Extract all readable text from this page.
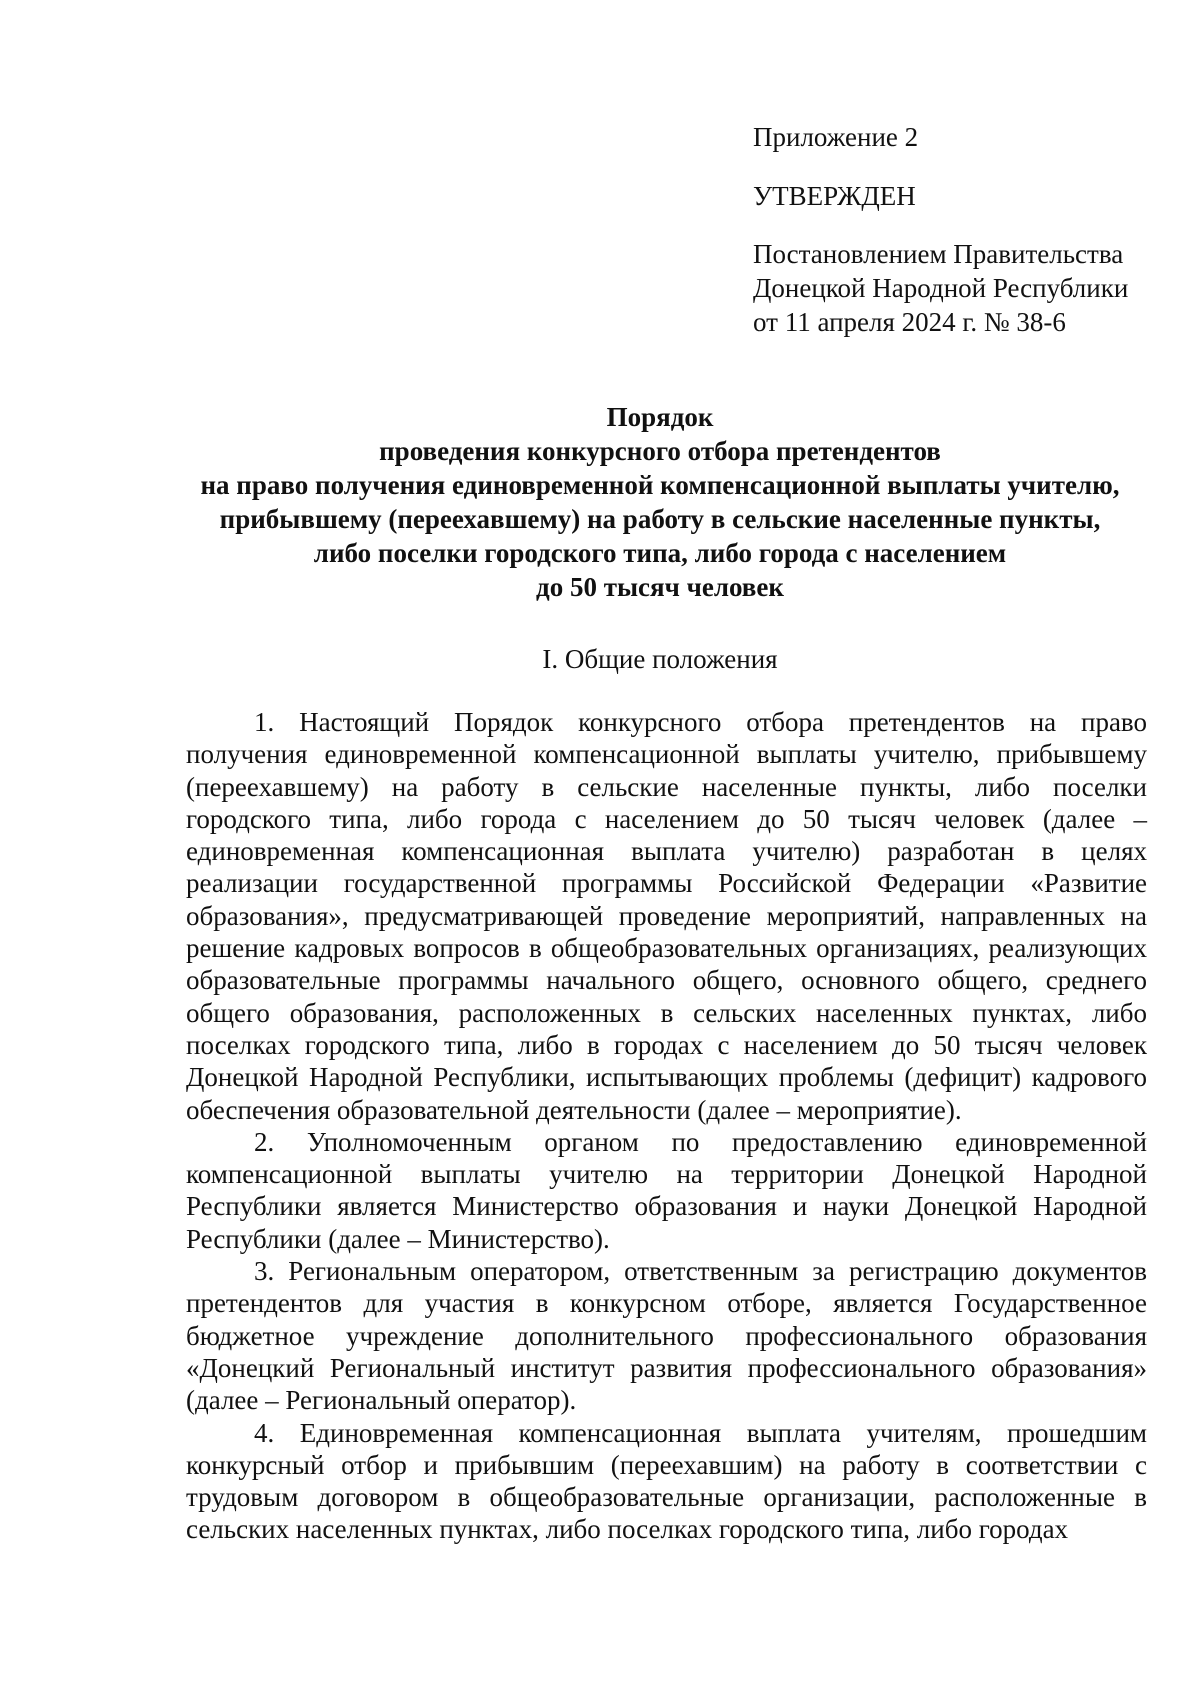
Приложение 2

УТВЕРЖДЕН

Постановлением Правительства

Донецкой Народной Республики

от 11 апреля 2024 г. № 38-6

Порядок
проведения конкурсного отбора претендентов
на право получения единовременной компенсационной выплаты учителю,
прибывшему (переехавшему) на работу в сельские населенные пункты,
либо поселки городского типа, либо города с населением
до 50 тысяч человек
I. Общие положения

1. Настоящий Порядок конкурсного отбора претендентов на право получения единовременной компенсационной выплаты учителю, прибывшему (переехавшему) на работу в сельские населенные пункты, либо поселки городского типа, либо города с населением до 50 тысяч человек (далее – единовременная компенсационная выплата учителю) разработан в целях реализации государственной программы Российской Федерации «Развитие образования», предусматривающей проведение мероприятий, направленных на решение кадровых вопросов в общеобразовательных организациях, реализующих образовательные программы начального общего, основного общего, среднего общего образования, расположенных в сельских населенных пунктах, либо поселках городского типа, либо в городах с населением до 50 тысяч человек Донецкой Народной Республики, испытывающих проблемы (дефицит) кадрового обеспечения образовательной деятельности (далее – мероприятие).

2. Уполномоченным органом по предоставлению единовременной компенсационной выплаты учителю на территории Донецкой Народной Республики является Министерство образования и науки Донецкой Народной Республики (далее – Министерство).

3. Региональным оператором, ответственным за регистрацию документов претендентов для участия в конкурсном отборе, является Государственное бюджетное учреждение дополнительного профессионального образования «Донецкий Региональный институт развития профессионального образования» (далее – Региональный оператор).

4. Единовременная компенсационная выплата учителям, прошедшим конкурсный отбор и прибывшим (переехавшим) на работу в соответствии с трудовым договором в общеобразовательные организации, расположенные в сельских населенных пунктах, либо поселках городского типа, либо городах
